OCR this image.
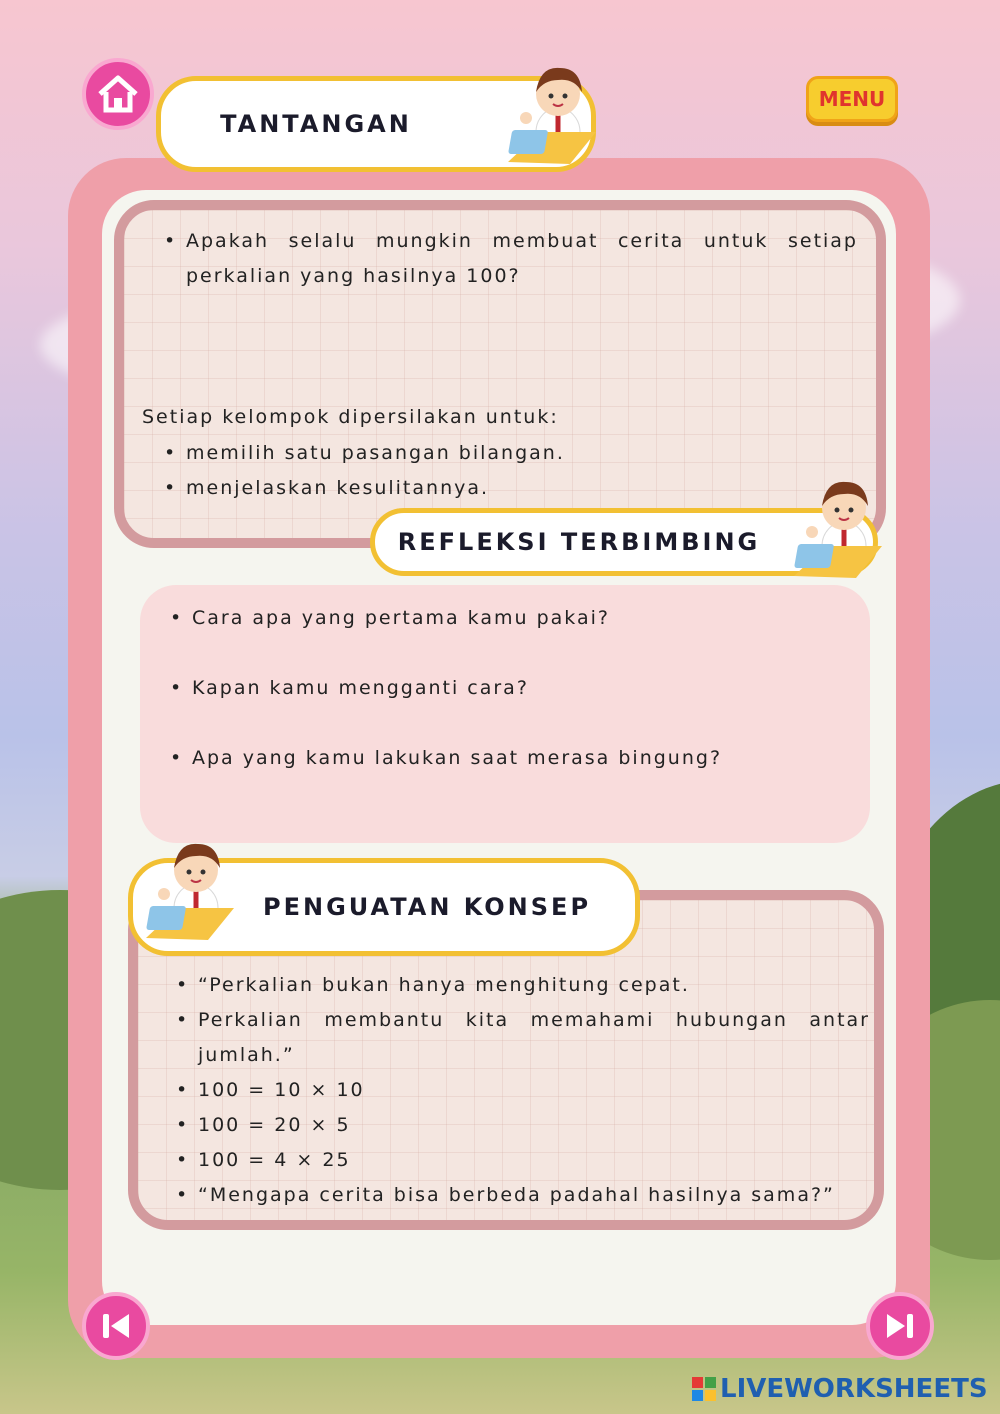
TANTANGAN
• Apakah selalu mungkin membuat cerita untuk setiap perkalian yang hasilnya 100?
Setiap kelompok dipersilakan untuk:
• memilih satu pasangan bilangan.
• menjelaskan kesulitannya.
REFLEKSI TERBIMBING
• Cara apa yang pertama kamu pakai?
• Kapan kamu mengganti cara?
• Apa yang kamu lakukan saat merasa bingung?
PENGUATAN KONSEP
• “Perkalian bukan hanya menghitung cepat.
• Perkalian membantu kita memahami hubungan antar jumlah.”
• 100 = 10 × 10
• 100 = 20 × 5
• 100 = 4 × 25
• “Mengapa cerita bisa berbeda padahal hasilnya sama?”
MENU
LIVEWORKSHEETS
